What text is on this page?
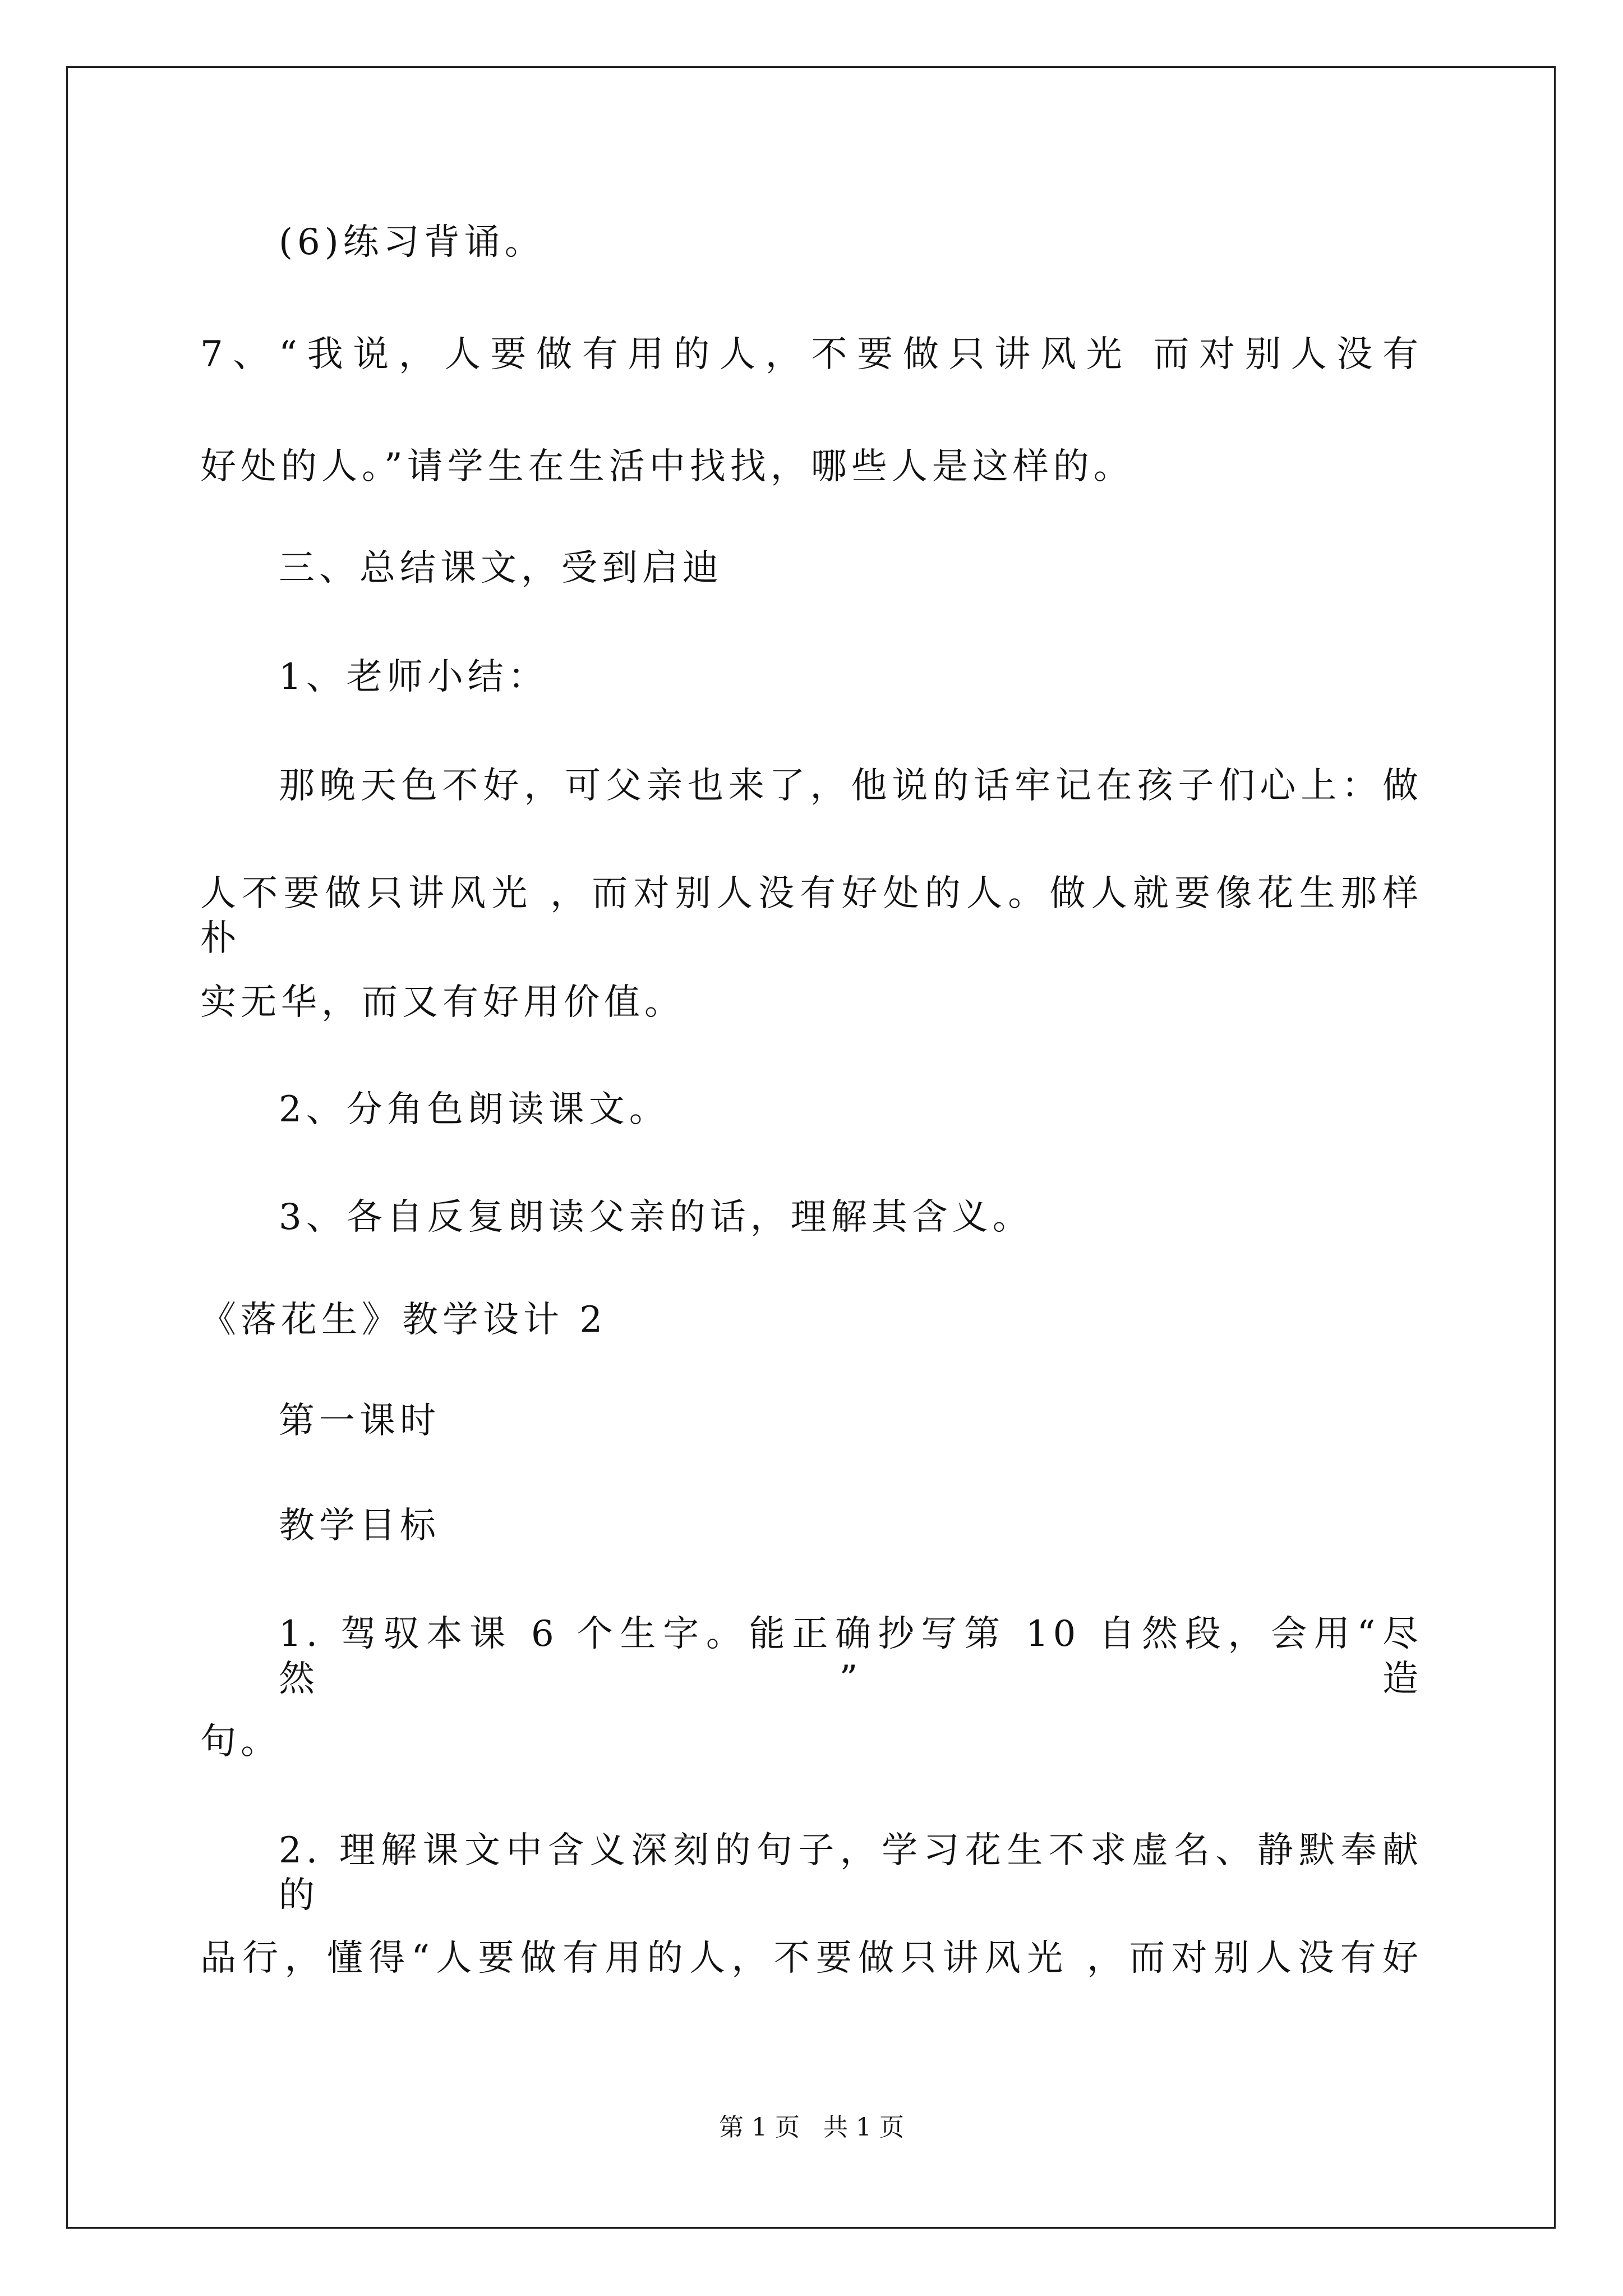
(6)练习背诵。
7、“我说，人要做有用的人，不要做只讲风光 而对别人没有
好处的人。”请学生在生活中找找，哪些人是这样的。
三、总结课文，受到启迪
1、老师小结：
那晚天色不好，可父亲也来了，他说的话牢记在孩子们心上：做
人不要做只讲风光 ，而对别人没有好处的人。做人就要像花生那样朴
实无华，而又有好用价值。
2、分角色朗读课文。
3、各自反复朗读父亲的话，理解其含义。
《落花生》教学设计 2
第一课时
教学目标
1. 驾驭本课 6 个生字。能正确抄写第 10 自然段，会用“尽然”造
句。
2. 理解课文中含义深刻的句子，学习花生不求虚名、静默奉献的
品行，懂得“人要做有用的人，不要做只讲风光 ，而对别人没有好
第 1 页   共 1 页
